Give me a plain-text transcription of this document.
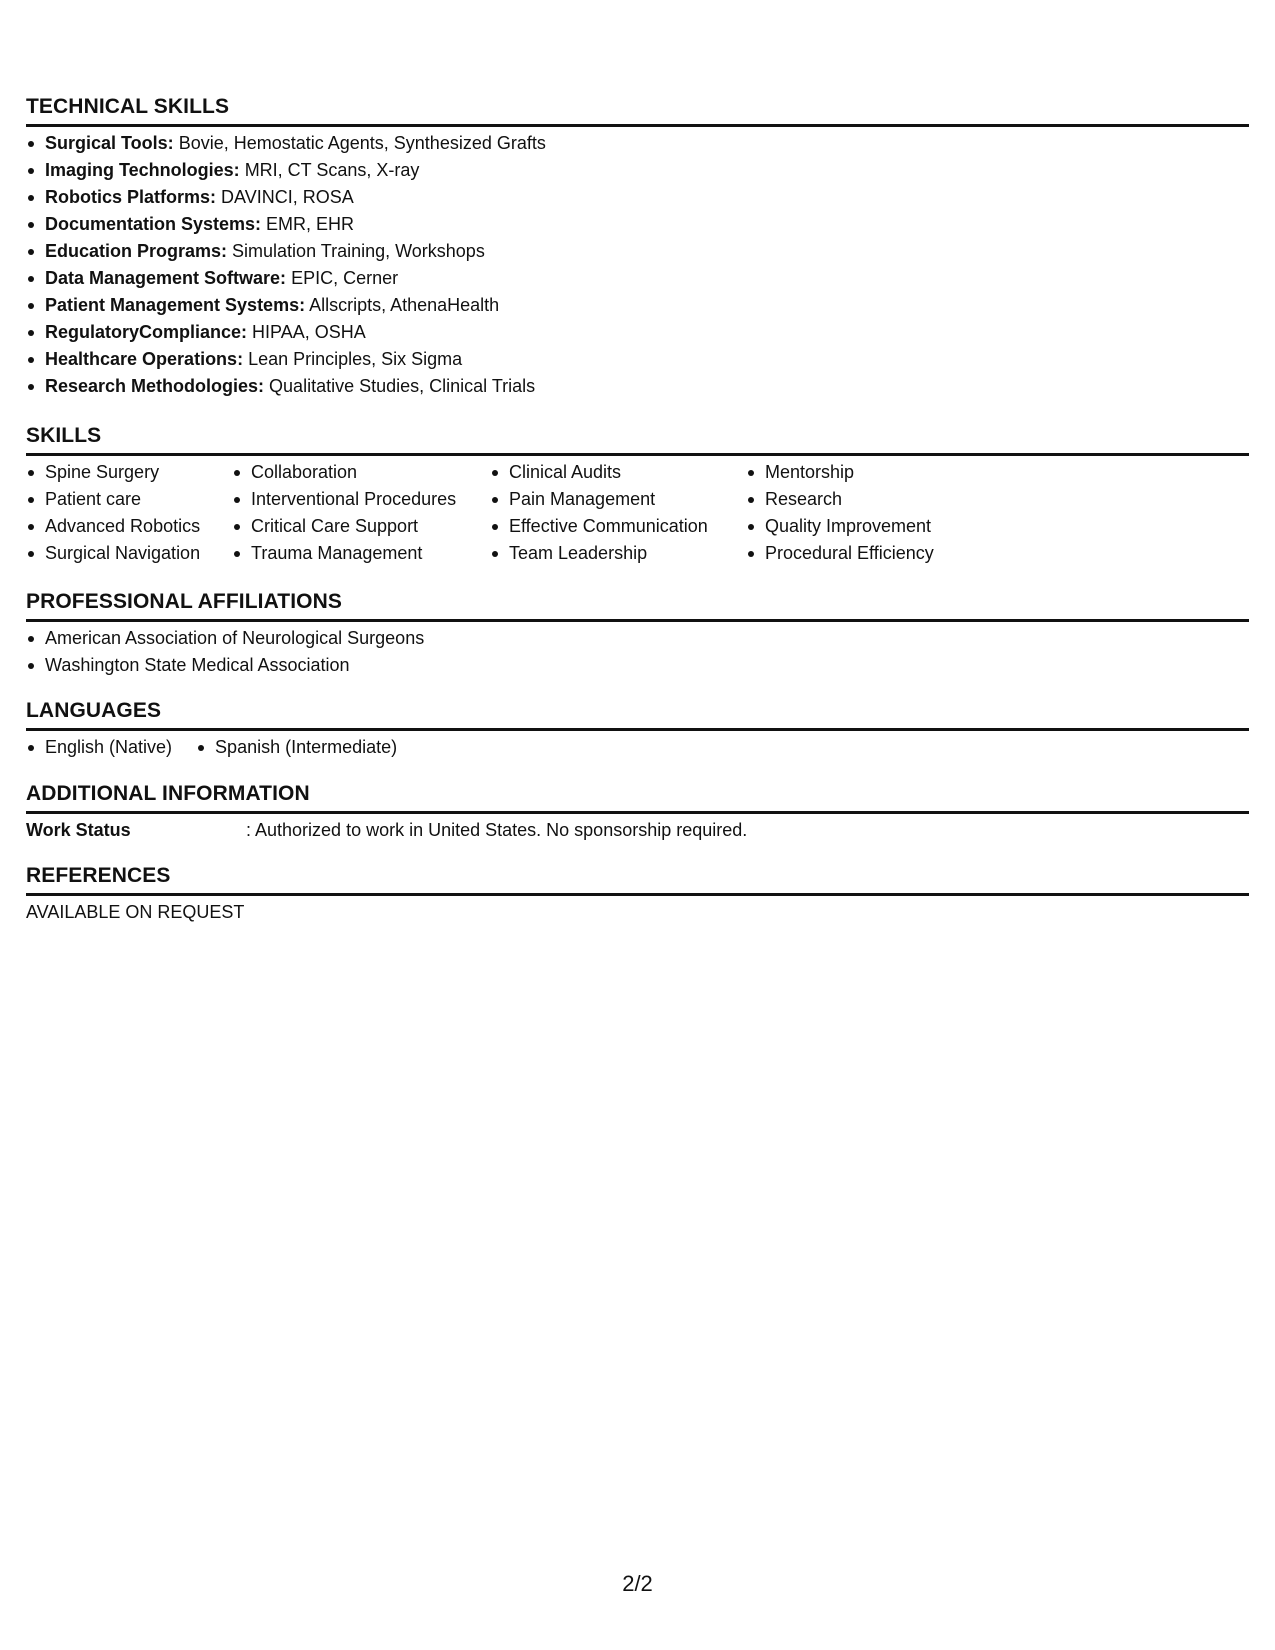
TECHNICAL SKILLS
Surgical Tools: Bovie, Hemostatic Agents, Synthesized Grafts
Imaging Technologies: MRI, CT Scans, X-ray
Robotics Platforms: DAVINCI, ROSA
Documentation Systems: EMR, EHR
Education Programs: Simulation Training, Workshops
Data Management Software: EPIC, Cerner
Patient Management Systems: Allscripts, AthenaHealth
RegulatoryCompliance: HIPAA, OSHA
Healthcare Operations: Lean Principles, Six Sigma
Research Methodologies: Qualitative Studies, Clinical Trials
SKILLS
Spine Surgery
Patient care
Advanced Robotics
Surgical Navigation
Collaboration
Interventional Procedures
Critical Care Support
Trauma Management
Clinical Audits
Pain Management
Effective Communication
Team Leadership
Mentorship
Research
Quality Improvement
Procedural Efficiency
PROFESSIONAL AFFILIATIONS
American Association of Neurological Surgeons
Washington State Medical Association
LANGUAGES
English (Native)	Spanish (Intermediate)
ADDITIONAL INFORMATION
Work Status	: Authorized to work in United States. No sponsorship required.
REFERENCES
AVAILABLE ON REQUEST
2/2
